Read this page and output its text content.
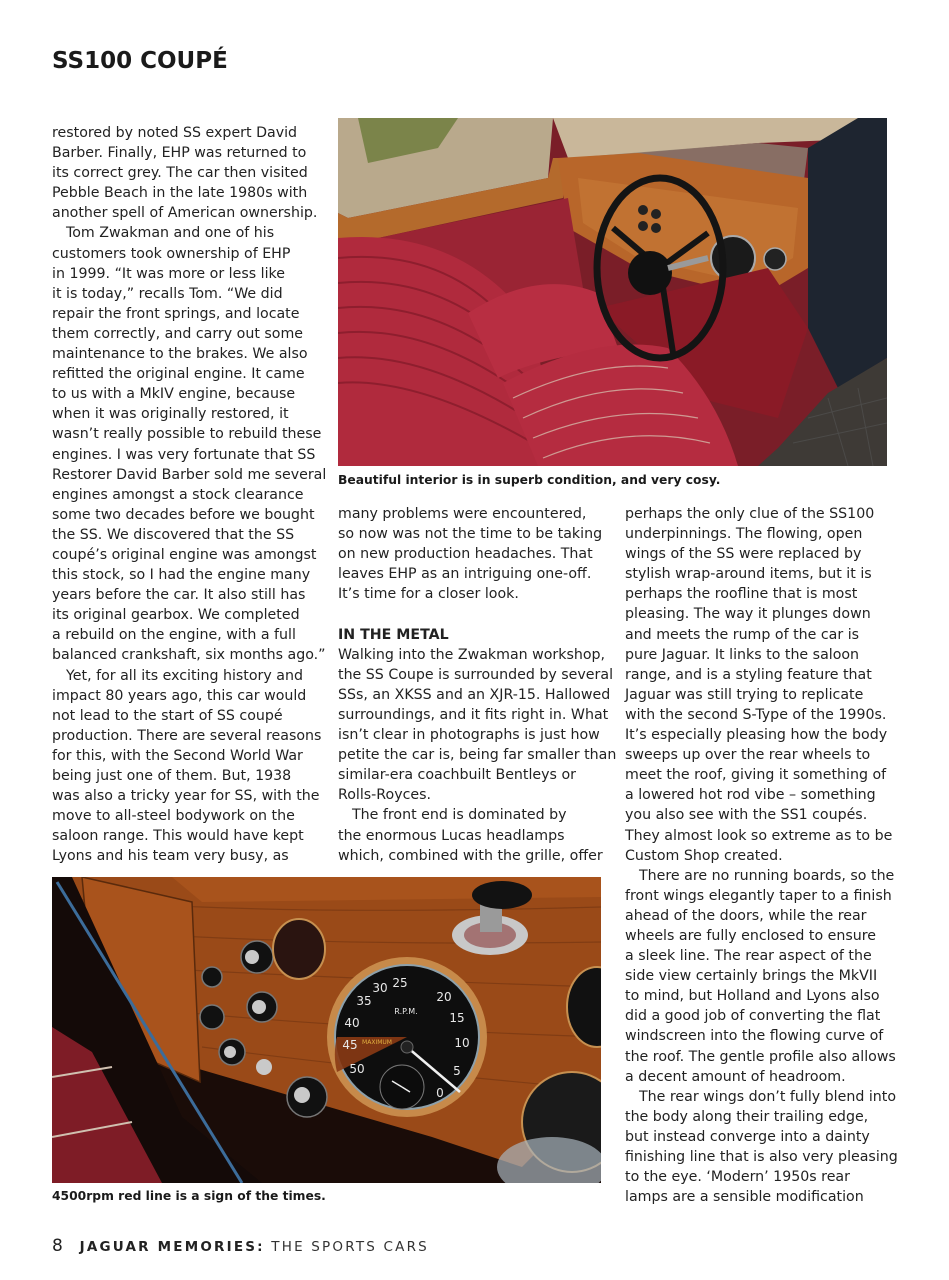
SS100 COUPÉ
Beautiful interior is in superb condition, and very cosy.
25
30
20
35
40	15
45	10
50	5
0
R.P.M.
MAXIMUM
4500rpm red line is a sign of the times.
restored by noted SS expert David
Barber. Finally, EHP was returned to
its correct grey. The car then visited
Pebble Beach in the late 1980s with
another spell of American ownership.
Tom Zwakman and one of his
customers took ownership of EHP
in 1999. “It was more or less like
it is today,” recalls Tom. “We did
repair the front springs, and locate
them correctly, and carry out some
maintenance to the brakes. We also
refitted the original engine. It came
to us with a MkIV engine, because
when it was originally restored, it
wasn’t really possible to rebuild these
engines. I was very fortunate that SS
Restorer David Barber sold me several
engines amongst a stock clearance
some two decades before we bought
the SS. We discovered that the SS
coupé’s original engine was amongst
this stock, so I had the engine many
years before the car. It also still has
its original gearbox. We completed
a rebuild on the engine, with a full
balanced crankshaft, six months ago.”
Yet, for all its exciting history and
impact 80 years ago, this car would
not lead to the start of SS coupé
production. There are several reasons
for this, with the Second World War
being just one of them. But, 1938
was also a tricky year for SS, with the
move to all-steel bodywork on the
saloon range. This would have kept
Lyons and his team very busy, as
many problems were encountered,
so now was not the time to be taking
on new production headaches. That
leaves EHP as an intriguing one-off.
It’s time for a closer look.
IN THE METAL
Walking into the Zwakman workshop,
the SS Coupe is surrounded by several
SSs, an XKSS and an XJR-15. Hallowed
surroundings, and it fits right in. What
isn’t clear in photographs is just how
petite the car is, being far smaller than
similar-era coachbuilt Bentleys or
Rolls-Royces.
The front end is dominated by
the enormous Lucas headlamps
which, combined with the grille, offer
perhaps the only clue of the SS100
underpinnings. The flowing, open
wings of the SS were replaced by
stylish wrap-around items, but it is
perhaps the roofline that is most
pleasing. The way it plunges down
and meets the rump of the car is
pure Jaguar. It links to the saloon
range, and is a styling feature that
Jaguar was still trying to replicate
with the second S-Type of the 1990s.
It’s especially pleasing how the body
sweeps up over the rear wheels to
meet the roof, giving it something of
a lowered hot rod vibe – something
you also see with the SS1 coupés.
They almost look so extreme as to be
Custom Shop created.
There are no running boards, so the
front wings elegantly taper to a finish
ahead of the doors, while the rear
wheels are fully enclosed to ensure
a sleek line. The rear aspect of the
side view certainly brings the MkVII
to mind, but Holland and Lyons also
did a good job of converting the flat
windscreen into the flowing curve of
the roof. The gentle profile also allows
a decent amount of headroom.
The rear wings don’t fully blend into
the body along their trailing edge,
but instead converge into a dainty
finishing line that is also very pleasing
to the eye. ‘Modern’ 1950s rear
lamps are a sensible modification
8 JAGUAR MEMORIES: THE SPORTS CARS
